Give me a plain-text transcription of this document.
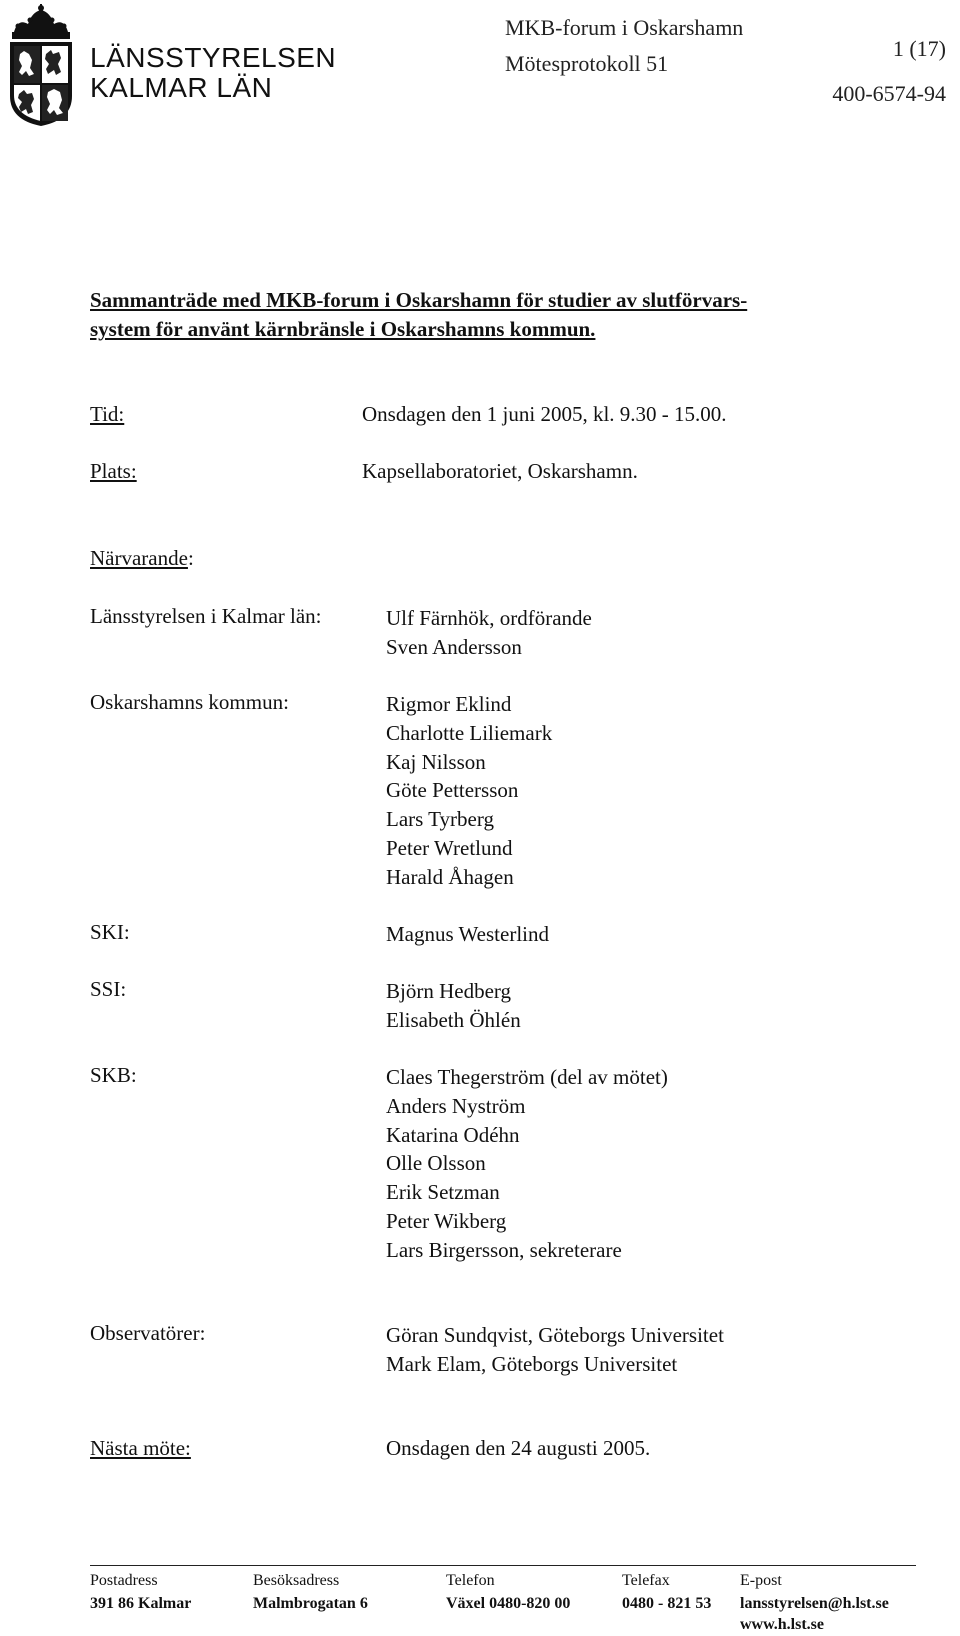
LÄNSSTYRELSEN
KALMAR LÄN
MKB-forum i Oskarshamn
Mötesprotokoll 51
1 (17)
400-6574-94
Sammanträde med MKB-forum i Oskarshamn för studier av slutförvars-
system för använt kärnbränsle i Oskarshamns kommun.
Tid:	Onsdagen den 1 juni 2005, kl. 9.30 - 15.00.
Plats:	Kapsellaboratoriet, Oskarshamn.
Närvarande:
Länsstyrelsen i Kalmar län:	Ulf Färnhök, ordförande
Sven Andersson
Oskarshamns kommun:	Rigmor Eklind
Charlotte Liliemark
Kaj Nilsson
Göte Pettersson
Lars Tyrberg
Peter Wretlund
Harald Åhagen
SKI:	Magnus Westerlind
SSI:	Björn Hedberg
Elisabeth Öhlén
SKB:	Claes Thegerström (del av mötet)
Anders Nyström
Katarina Odéhn
Olle Olsson
Erik Setzman
Peter Wikberg
Lars Birgersson, sekreterare
Observatörer:	Göran Sundqvist, Göteborgs Universitet
Mark Elam, Göteborgs Universitet
Nästa möte:	Onsdagen den 24 augusti 2005.
Postadress	Besöksadress	Telefon	Telefax	E-post
391 86 Kalmar	Malmbrogatan 6	Växel 0480-820 00	0480 - 821 53 lansstyrelsen@h.lst.se
www.h.lst.se
